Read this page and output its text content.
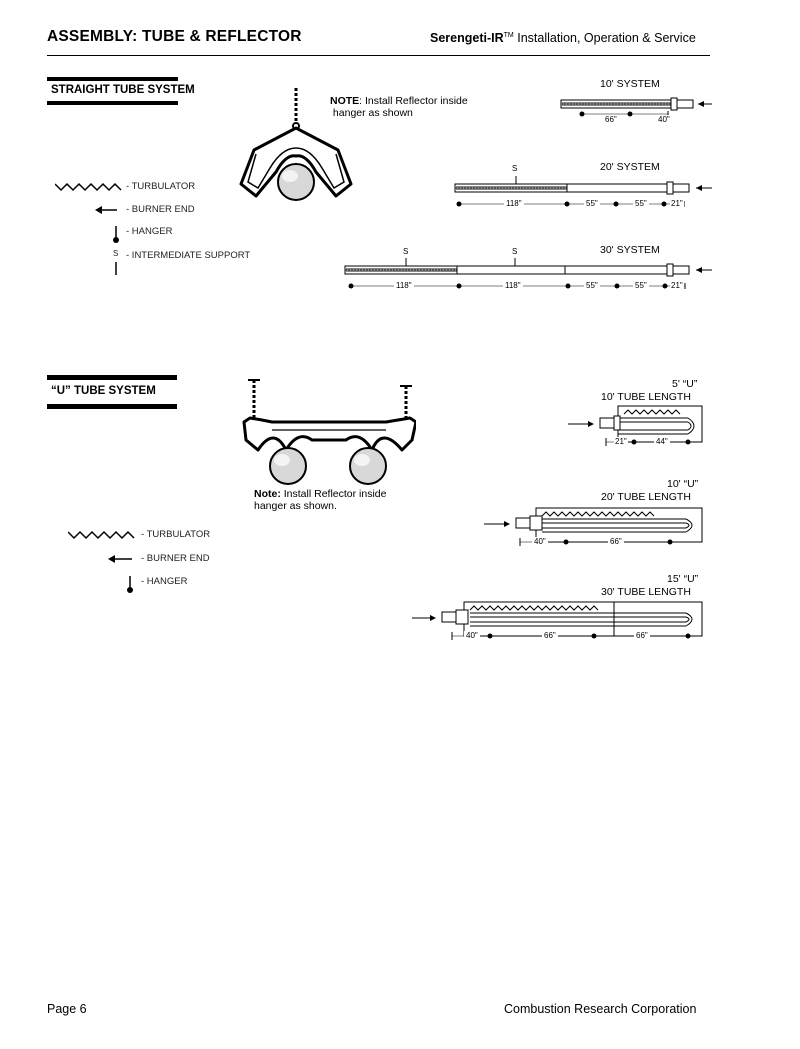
ASSEMBLY: TUBE & REFLECTOR	Serengeti-IR™ Installation, Operation & Service
STRAIGHT TUBE SYSTEM
NOTE: Install Reflector inside
hanger as shown
- TURBULATOR
- BURNER END
- HANGER
S - INTERMEDIATE SUPPORT
10' SYSTEM
66"	40"
20' SYSTEM
S
118"	55"	55"	21"
30' SYSTEM
S	S
118"	118"	55"	55"	21"
“U” TUBE SYSTEM
Note: Install Reflector inside
hanger as shown.
- TURBULATOR
- BURNER END
- HANGER
5' “U”
10' TUBE LENGTH
21"	44"
10' “U”
20' TUBE LENGTH
40"	66"
15' “U”
30' TUBE LENGTH
40"	66"	66"
Page 6	Combustion Research Corporation
